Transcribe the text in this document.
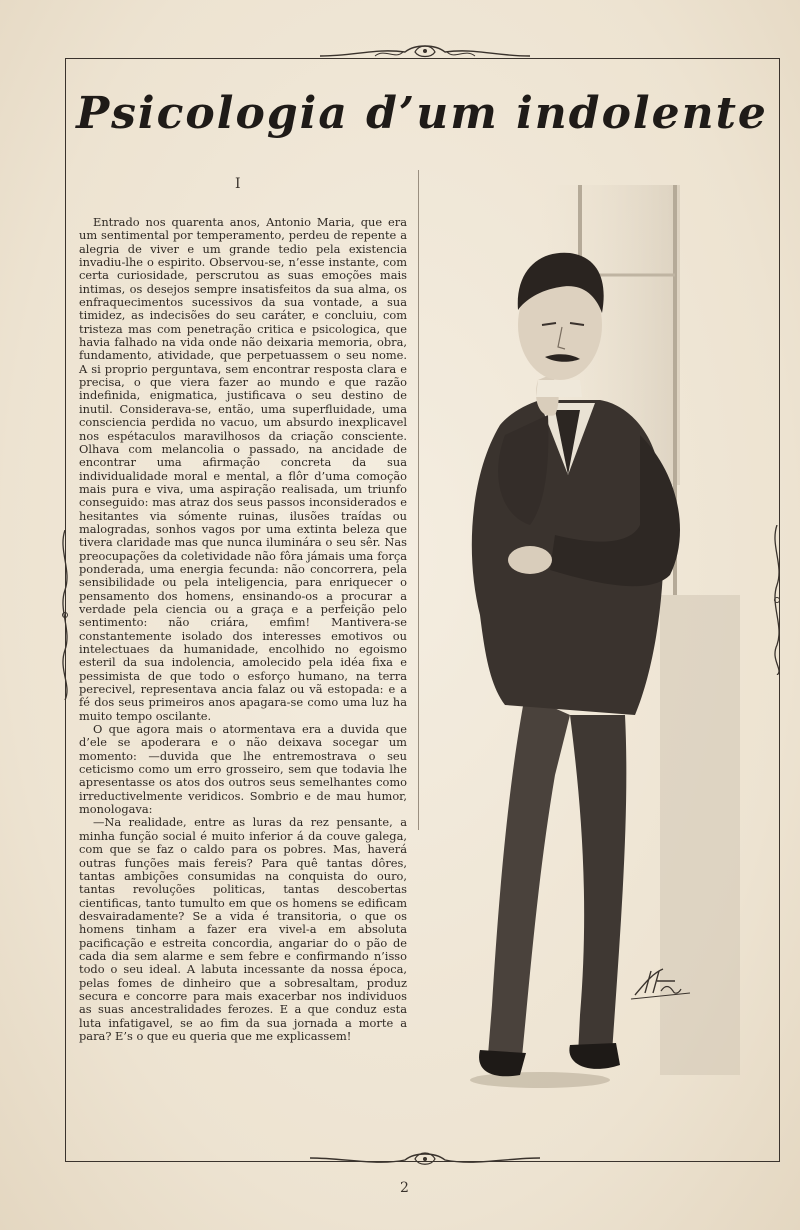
Psicologia d’um indolente
I

Entrado nos quarenta anos, Antonio Maria, que era um sentimental por temperamento, perdeu de repente a alegria de viver e um grande tedio pela existencia invadiu-lhe o espirito. Observou-se, n’esse instante, com certa curiosidade, perscrutou as suas emoções mais intimas, os desejos sempre insatisfeitos da sua alma, os enfraquecimentos sucessivos da sua vontade, a sua timidez, as indecisões do seu caráter, e concluiu, com tristeza mas com penetração critica e psicologica, que havia falhado na vida onde não deixaria memoria, obra, fundamento, atividade, que perpetuassem o seu nome. A si proprio perguntava, sem encontrar resposta clara e precisa, o que viera fazer ao mundo e que razão indefinida, enigmatica, justificava o seu destino de inutil. Considerava-se, então, uma superfluidade, uma consciencia perdida no vacuo, um absurdo inexplicavel nos espétaculos maravilhosos da criação consciente. Olhava com melancolia o passado, na ancidade de encontrar uma afirmação concreta da sua individualidade moral e mental, a flôr d’uma comoção mais pura e viva, uma aspiração realisada, um triunfo conseguido: mas atraz dos seus passos inconsiderados e hesitantes via sómente ruinas, ilusões traídas ou malogradas, sonhos vagos por uma extinta beleza que tivera claridade mas que nunca iluminára o seu sêr. Nas preocupações da coletividade não fôra jámais uma força ponderada, uma energia fecunda: não concorrera, pela sensibilidade ou pela inteligencia, para enriquecer o pensamento dos homens, ensinando-os a procurar a verdade pela ciencia ou a graça e a perfeição pelo sentimento: não criára, emfim! Mantivera-se constantemente isolado dos interesses emotivos ou intelectuaes da humanidade, encolhido no egoismo esteril da sua indolencia, amolecido pela idéa fixa e pessimista de que todo o esforço humano, na terra perecivel, representava ancia falaz ou vã estopada: e a fé dos seus primeiros anos apagara-se como uma luz ha muito tempo oscilante.

O que agora mais o atormentava era a duvida que d’ele se apoderara e o não deixava socegar um momento: —duvida que lhe entremostrava o seu ceticismo como um erro grosseiro, sem que todavia lhe apresentasse os atos dos outros seus semelhantes como irreductivelmente veridicos. Sombrio e de mau humor, monologava:

—Na realidade, entre as luras da rez pensante, a minha função social é muito inferior á da couve galega, com que se faz o caldo para os pobres. Mas, haverá outras funções mais fereis? Para quê tantas dôres, tantas ambições consumidas na conquista do ouro, tantas revoluções politicas, tantas descobertas cientificas, tanto tumulto em que os homens se edificam desvairadamente? Se a vida é transitoria, o que os homens tinham a fazer era vivel-a em absoluta pacificação e estreita concordia, angariar do o pão de cada dia sem alarme e sem febre e confirmando n’isso todo o seu ideal. A labuta incessante da nossa época, pelas fomes de dinheiro que a sobresaltam, produz secura e concorre para mais exacerbar nos individuos as suas ancestralidades ferozes. E a que conduz esta luta infatigavel, se ao fim da sua jornada a morte a para? E’s o que eu queria que me explicassem!

2
